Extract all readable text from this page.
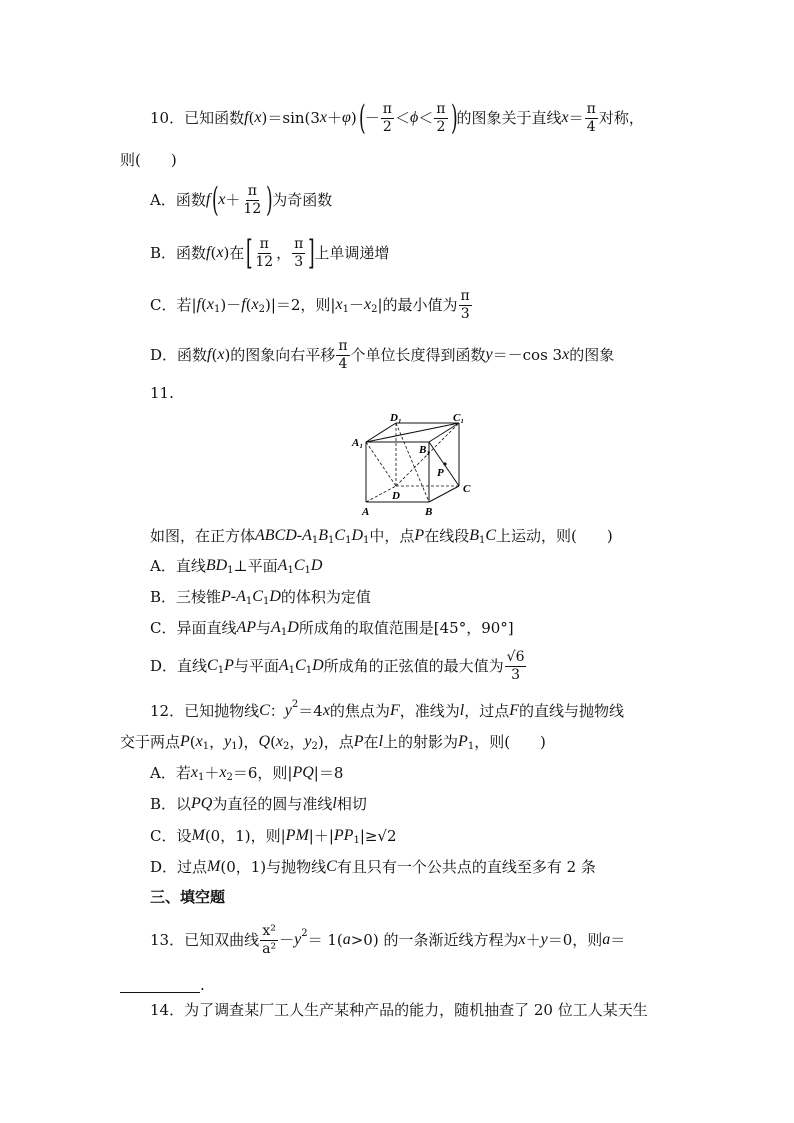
A	B
C
D
A₁
B₁
C₁
D₁
P
10．已知函数 f ( x )＝sin(3 x ＋ φ ) ( － $\frac{\pi}{2} < \phi < \frac{\pi}{2}$ ) 的图象关于直线 $x = \frac{\pi}{4}$ 对称，
则(　　)
A．函数 f ( $x + \frac{\pi}{12}$ ) 为奇函数
B．函数 f ( x )在 [ $\frac{\pi}{12}$ ， $\frac{\pi}{3}$ ] 上单调递增
C．若| f ( x 1 )－ f ( x 2 )|＝2，则| x 1 － x 2 |的最小值为 $\frac{\pi}{3}$
D．函数 f ( x )的图象向右平移 $\frac{\pi}{4}$ 个单位长度得到函数 y ＝－cos 3 x 的图象
11.
如图，在正方体 ABCD-A 1 B 1 C 1 D 1 中，点 P 在线段 B 1 C 上运动，则(　　)
A．直线 BD 1 ⊥平面 A 1 C 1 D
B．三棱锥 P-A 1 C 1 D 的体积为定值
C．异面直线 AP 与 A 1 D 所成角的取值范围是[45°，90°]
D．直线 C 1 P 与平面 A 1 C 1 D 所成角的正弦值的最大值为 $\frac{√6}{3}$
12．已知抛物线 C ： y 2 ＝4 x 的焦点为 F ，准线为 l ，过点 F 的直线与抛物线
交于两点 P ( x 1 ， y 1 )， Q ( x 2 ， y 2 )，点 P 在 l 上的射影为 P 1 ，则(　　)
A．若 x 1 ＋ x 2 ＝6，则| PQ |＝8
B．以 PQ 为直径的圆与准线 l 相切
C．设 M (0，1)，则| PM |＋| PP 1 |≥√2
D．过点 M (0，1)与抛物线 C 有且只有一个公共点的直线至多有 2 条
三、填空题
13．已知双曲线 $\frac{\text{x²}}{\text{a²}} - y$ 2 ＝ 1( a >0) 的一条渐近线方程为 x ＋ y ＝0，则 a ＝
.
14．为了调查某厂工人生产某种产品的能力，随机抽查了 20 位工人某天生
